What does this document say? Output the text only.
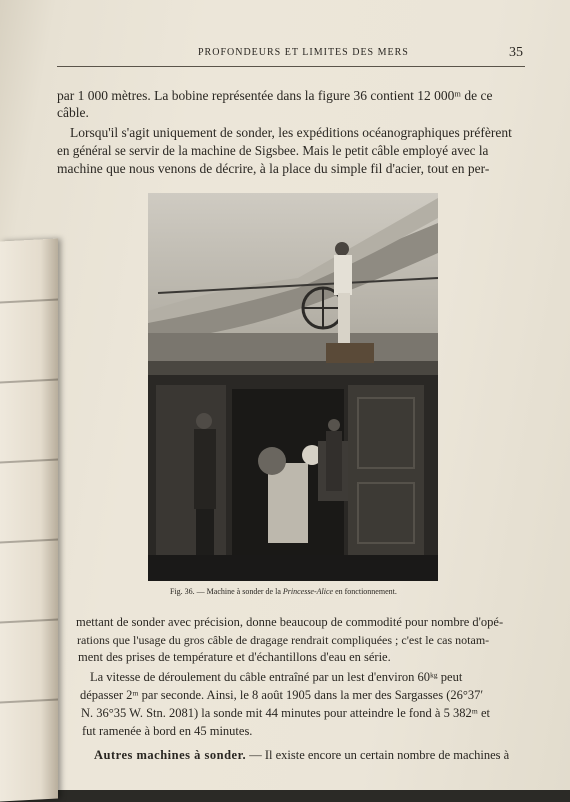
PROFONDEURS ET LIMITES DES MERS	35
par 1 000 mètres. La bobine représentée dans la figure 36 contient 12 000ᵐ de ce
câble.
Lorsqu'il s'agit uniquement de sonder, les expéditions océanographiques préfèrent
en général se servir de la machine de Sigsbee. Mais le petit câble employé avec la
machine que nous venons de décrire, à la place du simple fil d'acier, tout en per-
Fig. 36. — Machine à sonder de la Princesse-Alice en fonctionnement.
mettant de sonder avec précision, donne beaucoup de commodité pour nombre d'opé-
rations que l'usage du gros câble de dragage rendrait compliquées ; c'est le cas notam-
ment des prises de température et d'échantillons d'eau en série.
La vitesse de déroulement du câble entraîné par un lest d'environ 60ᵏᵍ peut
dépasser 2ᵐ par seconde. Ainsi, le 8 août 1905 dans la mer des Sargasses (26°37′
N. 36°35 W. Stn. 2081) la sonde mit 44 minutes pour atteindre le fond à 5 382ᵐ et
fut ramenée à bord en 45 minutes.
Autres machines à sonder. — Il existe encore un certain nombre de machines à
